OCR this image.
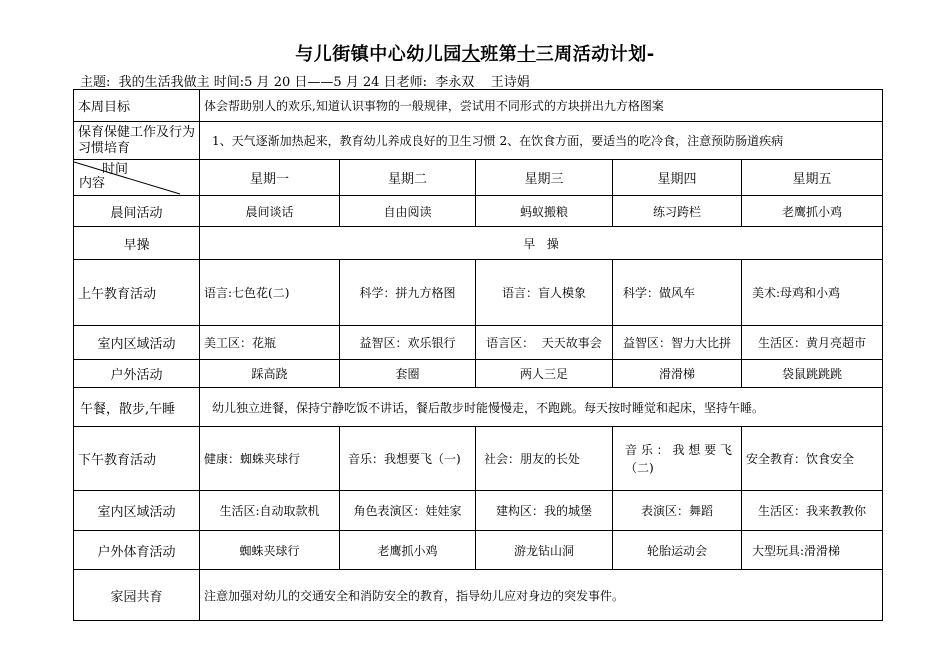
与儿街镇中心幼儿园大班第十三周活动计划-
主题:  我的生活我做主 时间:5 月 20 日——5 月 24 日老师:  李永双    王诗娟
本周目标	体会帮助别人的欢乐,知道认识事物的一般规律，尝试用不同形式的方块拼出九方格图案				
保育保健工作及行为习惯培育	1、天气逐渐加热起来，教育幼儿养成良好的卫生习惯 2、在饮食方面，要适当的吃冷食，注意预防肠道疾病				

时间
内容	星期一	星期二	星期三	星期四	星期五
晨间活动	晨间谈话	自由阅读	蚂蚁搬粮	练习跨栏	老鹰抓小鸡
早操	早   操				
上午教育活动	语言:七色花(二)	科学：拼九方格图	语言：盲人模象	科学：做风车	美术:母鸡和小鸡
室内区域活动	美工区：花瓶	益智区：欢乐银行	语言区：  天天故事会	益智区：智力大比拼	生活区：黄月亮超市
户外活动	踩高跷	套圈	两人三足	滑滑梯	袋鼠跳跳跳
午餐，散步,午睡	幼儿独立进餐，保持宁静吃饭不讲话，餐后散步时能慢慢走，不跑跳。每天按时睡觉和起床，坚持午睡。				
下午教育活动	健康：蜘蛛夹球行	音乐：我想要飞（一)	社会：朋友的长处	音 乐 ： 我 想 要 飞（二)	安全教育：饮食安全
室内区域活动	生活区:自动取款机	角色表演区：娃娃家	建构区：我的城堡	表演区：舞蹈	生活区：我来教教你
户外体育活动	蜘蛛夹球行	老鹰抓小鸡	游龙钻山洞	轮胎运动会	大型玩具:滑滑梯
家园共育	注意加强对幼儿的交通安全和消防安全的教育，指导幼儿应对身边的突发事件。				
